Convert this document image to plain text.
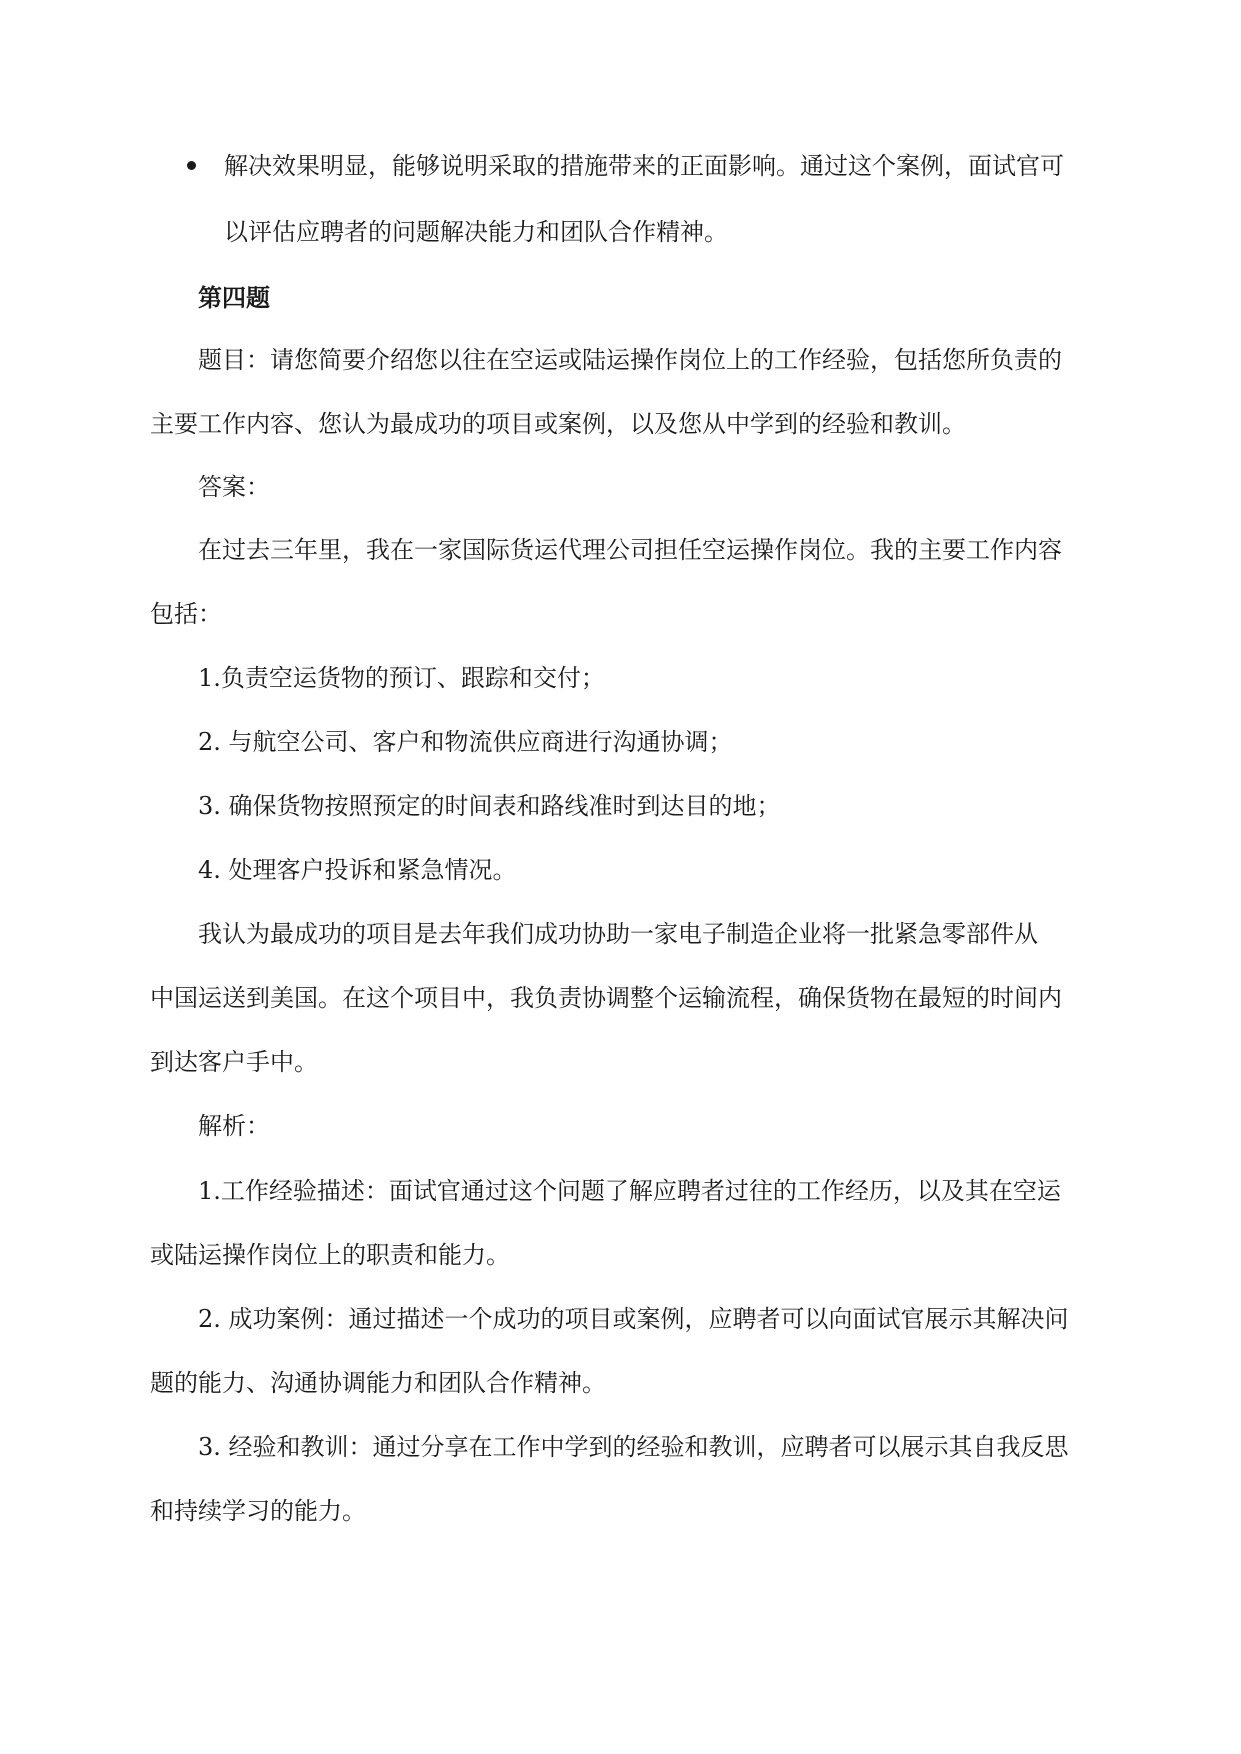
解决效果明显，能够说明采取的措施带来的正面影响。通过这个案例，面试官可
以评估应聘者的问题解决能力和团队合作精神。
第四题
题目：请您简要介绍您以往在空运或陆运操作岗位上的工作经验，包括您所负责的
主要工作内容、您认为最成功的项目或案例，以及您从中学到的经验和教训。
答案：
在过去三年里，我在一家国际货运代理公司担任空运操作岗位。我的主要工作内容
包括：
1.负责空运货物的预订、跟踪和交付；
2. 与航空公司、客户和物流供应商进行沟通协调；
3. 确保货物按照预定的时间表和路线准时到达目的地；
4. 处理客户投诉和紧急情况。
我认为最成功的项目是去年我们成功协助一家电子制造企业将一批紧急零部件从
中国运送到美国。在这个项目中，我负责协调整个运输流程，确保货物在最短的时间内
到达客户手中。
解析：
1.工作经验描述：面试官通过这个问题了解应聘者过往的工作经历，以及其在空运
或陆运操作岗位上的职责和能力。
2. 成功案例：通过描述一个成功的项目或案例，应聘者可以向面试官展示其解决问
题的能力、沟通协调能力和团队合作精神。
3. 经验和教训：通过分享在工作中学到的经验和教训，应聘者可以展示其自我反思
和持续学习的能力。
